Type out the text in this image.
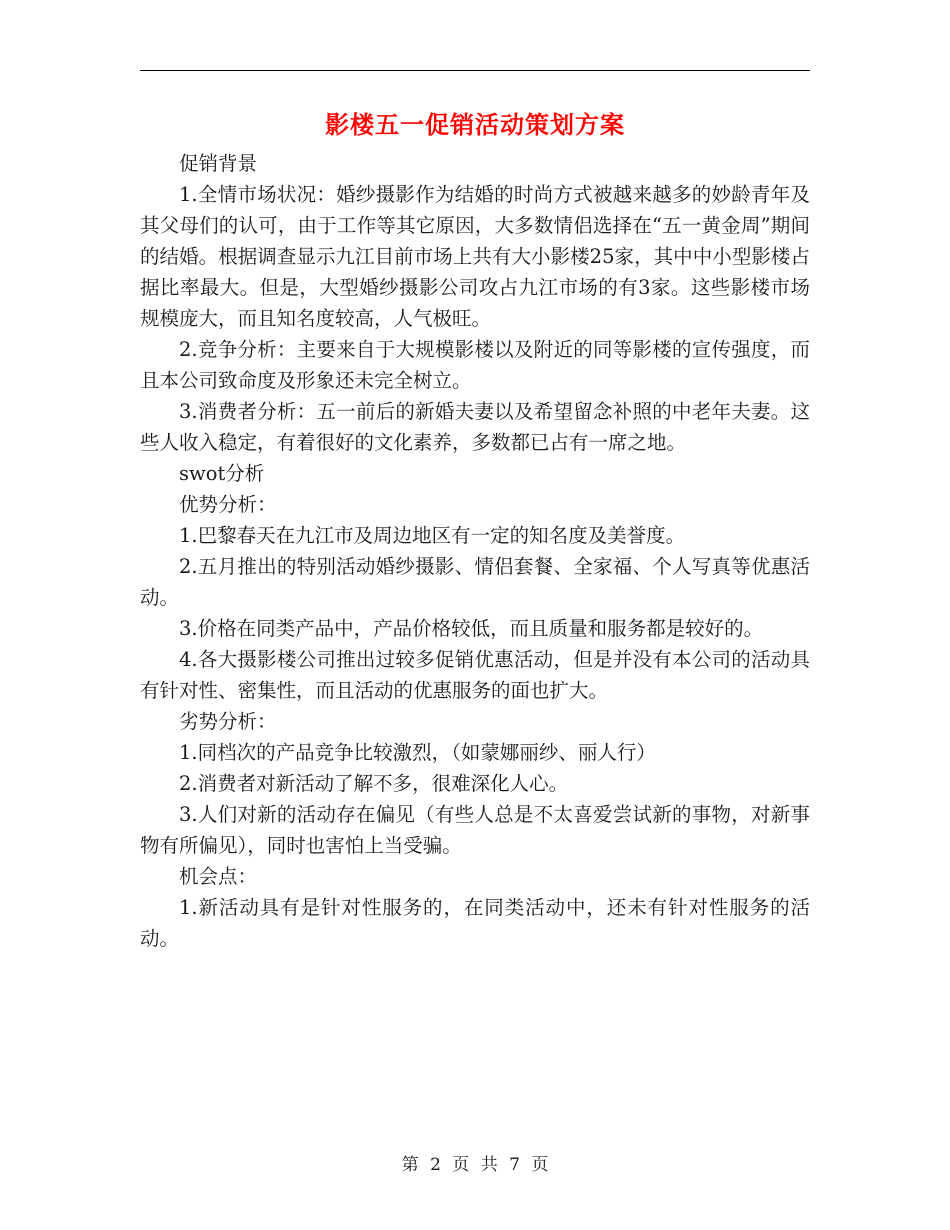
影楼五一促销活动策划方案

促销背景

1.全情市场状况：婚纱摄影作为结婚的时尚方式被越来越多的妙龄青年及其父母们的认可，由于工作等其它原因，大多数情侣选择在“五一黄金周”期间的结婚。根据调查显示九江目前市场上共有大小影楼25家，其中中小型影楼占据比率最大。但是，大型婚纱摄影公司攻占九江市场的有3家。这些影楼市场规模庞大，而且知名度较高，人气极旺。

2.竞争分析：主要来自于大规模影楼以及附近的同等影楼的宣传强度，而且本公司致命度及形象还未完全树立。

3.消费者分析：五一前后的新婚夫妻以及希望留念补照的中老年夫妻。这些人收入稳定，有着很好的文化素养，多数都已占有一席之地。

swot分析

优势分析：

1.巴黎春天在九江市及周边地区有一定的知名度及美誉度。

2.五月推出的特别活动婚纱摄影、情侣套餐、全家福、个人写真等优惠活动。

3.价格在同类产品中，产品价格较低，而且质量和服务都是较好的。

4.各大摄影楼公司推出过较多促销优惠活动，但是并没有本公司的活动具有针对性、密集性，而且活动的优惠服务的面也扩大。

劣势分析：

1.同档次的产品竞争比较激烈，（如蒙娜丽纱、丽人行）

2.消费者对新活动了解不多，很难深化人心。

3.人们对新的活动存在偏见（有些人总是不太喜爱尝试新的事物，对新事物有所偏见），同时也害怕上当受骗。

机会点：

1.新活动具有是针对性服务的，在同类活动中，还未有针对性服务的活动。

第 2 页 共 7 页
